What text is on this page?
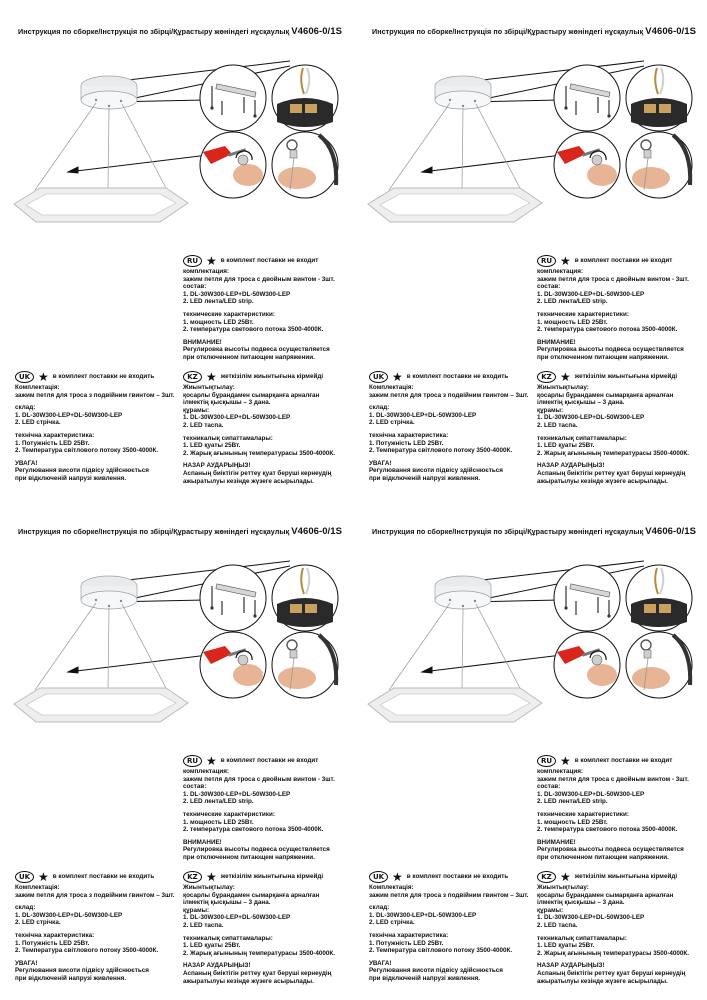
Инструкция по сборке/Інструкція по збірці/Құрастыру жөніндегі нұсқаулық V4606-0/1S
RU ★ в комплект поставки не входит

комплектация:

зажим петля для троса с двойным винтом - 3шт.

состав:

1. DL-30W300-LEP+DL-50W300-LEP

2. LED лента/LED strip.

технические характеристики:

1. мощность LED 25Вт.

2. температура светового потока 3500-4000К.

ВНИМАНИЕ!

Регулировка высоты подвеса осуществляется

при отключенном питающем напряжении.

UK ★ в комплект поставки не входить

Комплектація:

зажим петля для троса з подвійним гвинтом – 3шт.

склад:

1. DL-30W300-LEP+DL-50W300-LEP

2. LED стрічка.

технічна характеристика:

1. Потужність LED 25Вт.

2. Температура світлового потоку 3500-4000К.

УВАГА!

Регулювання висоти підвісу здійснюється

при відключеній напрузі живлення.

KZ ★ жеткізілім жиынтығына кірмейді

Жиынтықтылау:

қосарлы бұрандамен сымарқанға арналған

ілмектің қысқышы – 3 дана.

құрамы:

1. DL-30W300-LEP+DL-50W300-LEP

2. LED таспа.

техникалық сипаттамалары:

1. LED қуаты 25Вт.

2. Жарық ағынының температурасы 3500-4000К.

НАЗАР АУДАРЫҢЫЗ!

Аспаның биіктігін реттеу қуат беруші кернеудің

ажыратылуы кезінде жүзеге асырылады.

Инструкция по сборке/Інструкція по збірці/Құрастыру жөніндегі нұсқаулық V4606-0/1S
RU ★ в комплект поставки не входит

комплектация:

зажим петля для троса с двойным винтом - 3шт.

состав:

1. DL-30W300-LEP+DL-50W300-LEP

2. LED лента/LED strip.

технические характеристики:

1. мощность LED 25Вт.

2. температура светового потока 3500-4000К.

ВНИМАНИЕ!

Регулировка высоты подвеса осуществляется

при отключенном питающем напряжении.

UK ★ в комплект поставки не входить

Комплектація:

зажим петля для троса з подвійним гвинтом – 3шт.

склад:

1. DL-30W300-LEP+DL-50W300-LEP

2. LED стрічка.

технічна характеристика:

1. Потужність LED 25Вт.

2. Температура світлового потоку 3500-4000К.

УВАГА!

Регулювання висоти підвісу здійснюється

при відключеній напрузі живлення.

KZ ★ жеткізілім жиынтығына кірмейді

Жиынтықтылау:

қосарлы бұрандамен сымарқанға арналған

ілмектің қысқышы – 3 дана.

құрамы:

1. DL-30W300-LEP+DL-50W300-LEP

2. LED таспа.

техникалық сипаттамалары:

1. LED қуаты 25Вт.

2. Жарық ағынының температурасы 3500-4000К.

НАЗАР АУДАРЫҢЫЗ!

Аспаның биіктігін реттеу қуат беруші кернеудің

ажыратылуы кезінде жүзеге асырылады.

Инструкция по сборке/Інструкція по збірці/Құрастыру жөніндегі нұсқаулық V4606-0/1S
RU ★ в комплект поставки не входит

комплектация:

зажим петля для троса с двойным винтом - 3шт.

состав:

1. DL-30W300-LEP+DL-50W300-LEP

2. LED лента/LED strip.

технические характеристики:

1. мощность LED 25Вт.

2. температура светового потока 3500-4000К.

ВНИМАНИЕ!

Регулировка высоты подвеса осуществляется

при отключенном питающем напряжении.

UK ★ в комплект поставки не входить

Комплектація:

зажим петля для троса з подвійним гвинтом – 3шт.

склад:

1. DL-30W300-LEP+DL-50W300-LEP

2. LED стрічка.

технічна характеристика:

1. Потужність LED 25Вт.

2. Температура світлового потоку 3500-4000К.

УВАГА!

Регулювання висоти підвісу здійснюється

при відключеній напрузі живлення.

KZ ★ жеткізілім жиынтығына кірмейді

Жиынтықтылау:

қосарлы бұрандамен сымарқанға арналған

ілмектің қысқышы – 3 дана.

құрамы:

1. DL-30W300-LEP+DL-50W300-LEP

2. LED таспа.

техникалық сипаттамалары:

1. LED қуаты 25Вт.

2. Жарық ағынының температурасы 3500-4000К.

НАЗАР АУДАРЫҢЫЗ!

Аспаның биіктігін реттеу қуат беруші кернеудің

ажыратылуы кезінде жүзеге асырылады.

Инструкция по сборке/Інструкція по збірці/Құрастыру жөніндегі нұсқаулық V4606-0/1S
RU ★ в комплект поставки не входит

комплектация:

зажим петля для троса с двойным винтом - 3шт.

состав:

1. DL-30W300-LEP+DL-50W300-LEP

2. LED лента/LED strip.

технические характеристики:

1. мощность LED 25Вт.

2. температура светового потока 3500-4000К.

ВНИМАНИЕ!

Регулировка высоты подвеса осуществляется

при отключенном питающем напряжении.

UK ★ в комплект поставки не входить

Комплектація:

зажим петля для троса з подвійним гвинтом – 3шт.

склад:

1. DL-30W300-LEP+DL-50W300-LEP

2. LED стрічка.

технічна характеристика:

1. Потужність LED 25Вт.

2. Температура світлового потоку 3500-4000К.

УВАГА!

Регулювання висоти підвісу здійснюється

при відключеній напрузі живлення.

KZ ★ жеткізілім жиынтығына кірмейді

Жиынтықтылау:

қосарлы бұрандамен сымарқанға арналған

ілмектің қысқышы – 3 дана.

құрамы:

1. DL-30W300-LEP+DL-50W300-LEP

2. LED таспа.

техникалық сипаттамалары:

1. LED қуаты 25Вт.

2. Жарық ағынының температурасы 3500-4000К.

НАЗАР АУДАРЫҢЫЗ!

Аспаның биіктігін реттеу қуат беруші кернеудің

ажыратылуы кезінде жүзеге асырылады.
